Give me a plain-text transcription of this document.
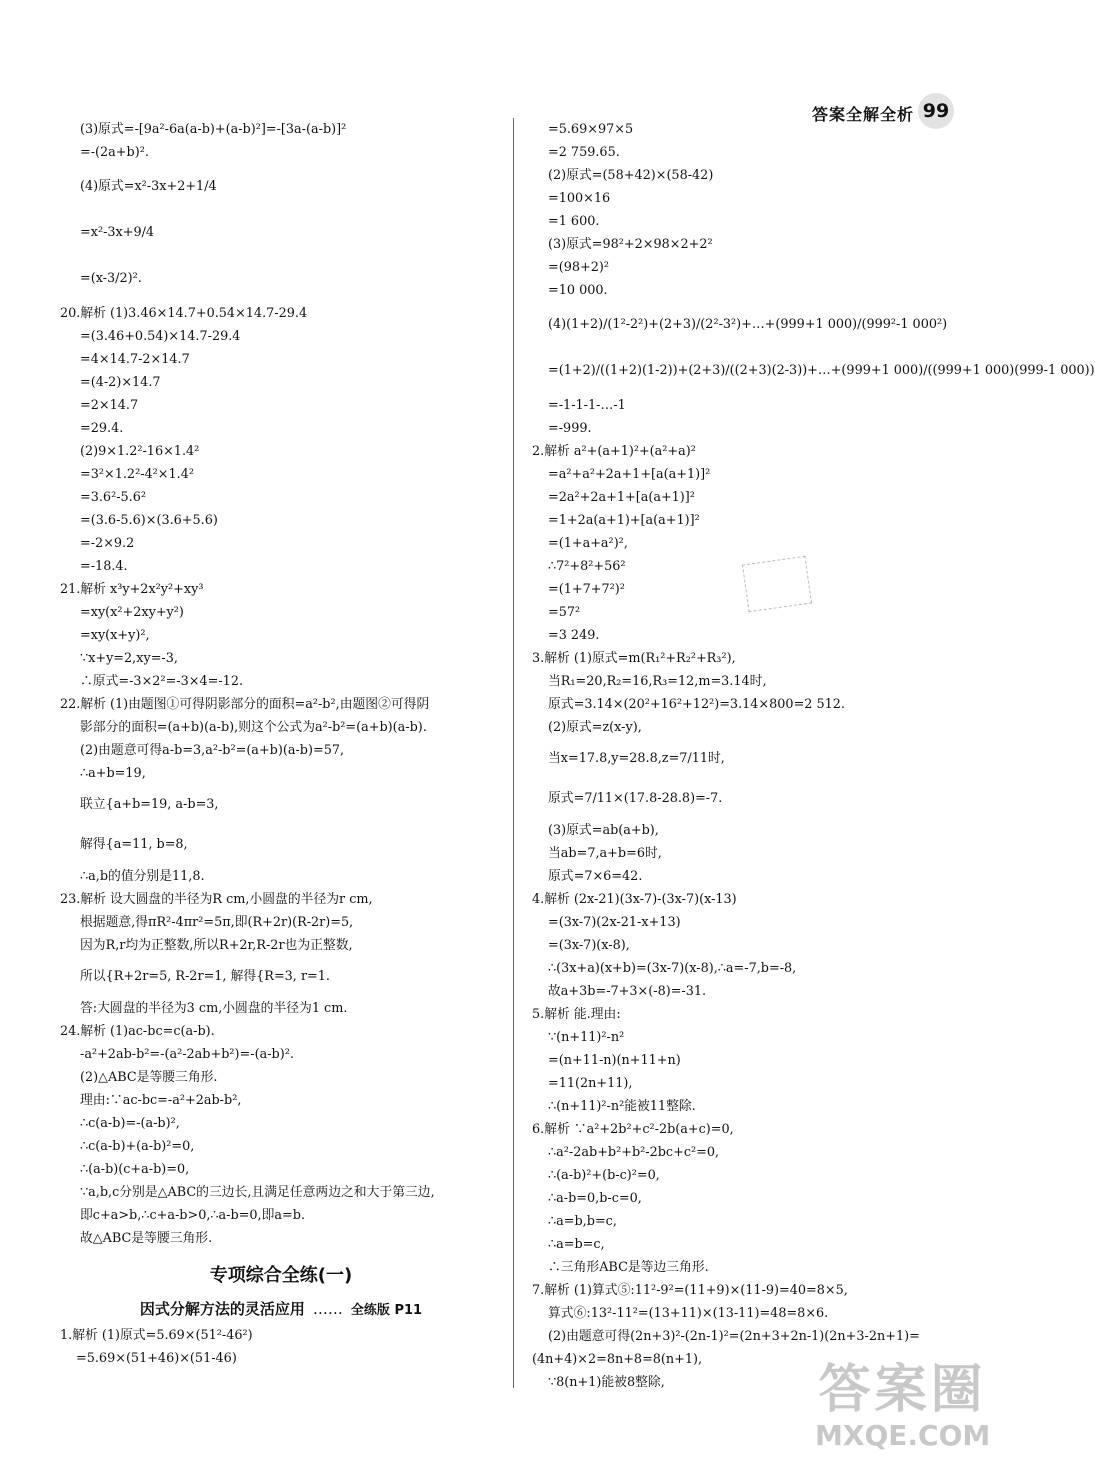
答案全解全析 99
(3)原式=-[9a²-6a(a-b)+(a-b)²]=-[3a-(a-b)]²
=-(2a+b)².
(4)原式=x²-3x+2+1/4
=x²-3x+9/4
=(x-3/2)².
20.解析 (1)3.46×14.7+0.54×14.7-29.4
=(3.46+0.54)×14.7-29.4
=4×14.7-2×14.7
=(4-2)×14.7
=2×14.7
=29.4.
(2)9×1.2²-16×1.4²
=3²×1.2²-4²×1.4²
=3.6²-5.6²
=(3.6-5.6)×(3.6+5.6)
=-2×9.2
=-18.4.
21.解析 x³y+2x²y²+xy³
=xy(x²+2xy+y²)
=xy(x+y)²,
∵x+y=2,xy=-3,
∴原式=-3×2²=-3×4=-12.
22.解析 (1)由题图①可得阴影部分的面积=a²-b²,由题图②可得阴
影部分的面积=(a+b)(a-b),则这个公式为a²-b²=(a+b)(a-b).
(2)由题意可得a-b=3,a²-b²=(a+b)(a-b)=57,
∴a+b=19,
联立{a+b=19, a-b=3,
解得{a=11, b=8,
∴a,b的值分别是11,8.
23.解析 设大圆盘的半径为R cm,小圆盘的半径为r cm,
根据题意,得πR²-4πr²=5π,即(R+2r)(R-2r)=5,
因为R,r均为正整数,所以R+2r,R-2r也为正整数,
所以{R+2r=5, R-2r=1, 解得{R=3, r=1.
答:大圆盘的半径为3 cm,小圆盘的半径为1 cm.
24.解析 (1)ac-bc=c(a-b).
-a²+2ab-b²=-(a²-2ab+b²)=-(a-b)².
(2)△ABC是等腰三角形.
理由:∵ac-bc=-a²+2ab-b²,
∴c(a-b)=-(a-b)²,
∴c(a-b)+(a-b)²=0,
∴(a-b)(c+a-b)=0,
∵a,b,c分别是△ABC的三边长,且满足任意两边之和大于第三边,
即c+a>b,∴c+a-b>0,∴a-b=0,即a=b.
故△ABC是等腰三角形.
专项综合全练(一)
因式分解方法的灵活应用 …… 全练版 P11
1.解析 (1)原式=5.69×(51²-46²)
=5.69×(51+46)×(51-46)
=5.69×97×5
=2 759.65.
(2)原式=(58+42)×(58-42)
=100×16
=1 600.
(3)原式=98²+2×98×2+2²
=(98+2)²
=10 000.
(4)(1+2)/(1²-2²)+(2+3)/(2²-3²)+…+(999+1 000)/(999²-1 000²)
=(1+2)/((1+2)(1-2))+(2+3)/((2+3)(2-3))+…+(999+1 000)/((999+1 000)(999-1 000))
=-1-1-1-…-1
=-999.
2.解析 a²+(a+1)²+(a²+a)²
=a²+a²+2a+1+[a(a+1)]²
=2a²+2a+1+[a(a+1)]²
=1+2a(a+1)+[a(a+1)]²
=(1+a+a²)²,
∴7²+8²+56²
=(1+7+7²)²
=57²
=3 249.
3.解析 (1)原式=m(R₁²+R₂²+R₃²),
当R₁=20,R₂=16,R₃=12,m=3.14时,
原式=3.14×(20²+16²+12²)=3.14×800=2 512.
(2)原式=z(x-y),
当x=17.8,y=28.8,z=7/11时,
原式=7/11×(17.8-28.8)=-7.
(3)原式=ab(a+b),
当ab=7,a+b=6时,
原式=7×6=42.
4.解析 (2x-21)(3x-7)-(3x-7)(x-13)
=(3x-7)(2x-21-x+13)
=(3x-7)(x-8),
∴(3x+a)(x+b)=(3x-7)(x-8),∴a=-7,b=-8,
故a+3b=-7+3×(-8)=-31.
5.解析 能.理由:
∵(n+11)²-n²
=(n+11-n)(n+11+n)
=11(2n+11),
∴(n+11)²-n²能被11整除.
6.解析 ∵a²+2b²+c²-2b(a+c)=0,
∴a²-2ab+b²+b²-2bc+c²=0,
∴(a-b)²+(b-c)²=0,
∴a-b=0,b-c=0,
∴a=b,b=c,
∴a=b=c,
∴三角形ABC是等边三角形.
7.解析 (1)算式⑤:11²-9²=(11+9)×(11-9)=40=8×5,
算式⑥:13²-11²=(13+11)×(13-11)=48=8×6.
(2)由题意可得(2n+3)²-(2n-1)²=(2n+3+2n-1)(2n+3-2n+1)=
(4n+4)×2=8n+8=8(n+1),
∵8(n+1)能被8整除,	答案圈
MXQE.COM
